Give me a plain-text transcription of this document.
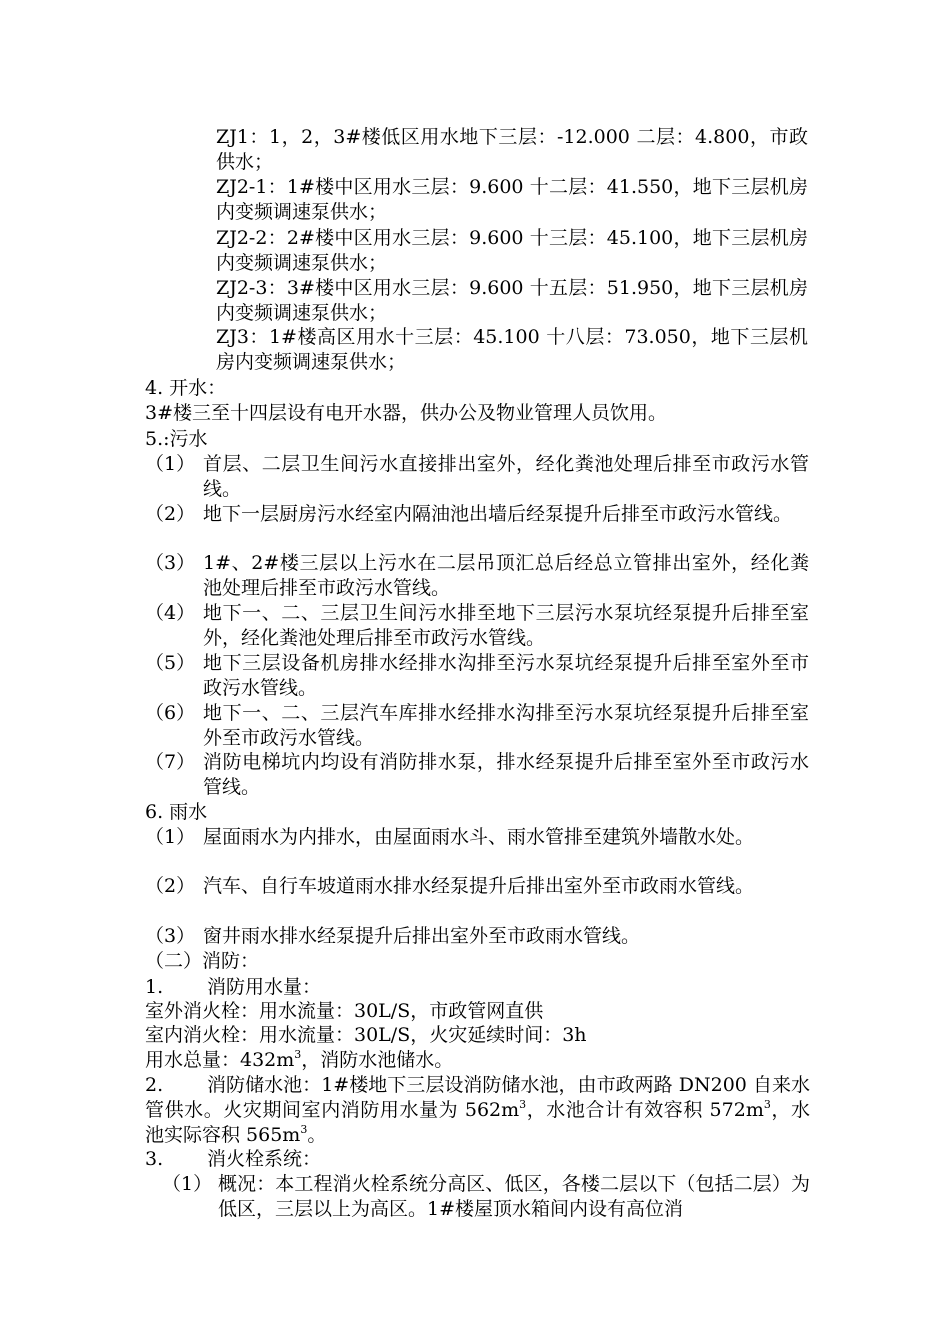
ZJ1：1，2，3#楼低区用水地下三层：-12.000 二层：4.800，市政供水；
ZJ2-1：1#楼中区用水三层：9.600 十二层：41.550，地下三层机房内变频调速泵供水；
ZJ2-2：2#楼中区用水三层：9.600 十三层：45.100，地下三层机房内变频调速泵供水；
ZJ2-3：3#楼中区用水三层：9.600 十五层：51.950，地下三层机房内变频调速泵供水；
ZJ3：1#楼高区用水十三层：45.100 十八层：73.050，地下三层机房内变频调速泵供水；
4. 开水：
3#楼三至十四层设有电开水器，供办公及物业管理人员饮用。
5.:污水
（1） 首层、二层卫生间污水直接排出室外，经化粪池处理后排至市政污水管线。
（2） 地下一层厨房污水经室内隔油池出墙后经泵提升后排至市政污水管线。
（3） 1#、2#楼三层以上污水在二层吊顶汇总后经总立管排出室外，经化粪池处理后排至市政污水管线。
（4） 地下一、二、三层卫生间污水排至地下三层污水泵坑经泵提升后排至室外，经化粪池处理后排至市政污水管线。
（5） 地下三层设备机房排水经排水沟排至污水泵坑经泵提升后排至室外至市政污水管线。
（6） 地下一、二、三层汽车库排水经排水沟排至污水泵坑经泵提升后排至室外至市政污水管线。
（7） 消防电梯坑内均设有消防排水泵，排水经泵提升后排至室外至市政污水管线。
6. 雨水
（1） 屋面雨水为内排水，由屋面雨水斗、雨水管排至建筑外墙散水处。
（2） 汽车、自行车坡道雨水排水经泵提升后排出室外至市政雨水管线。
（3） 窗井雨水排水经泵提升后排出室外至市政雨水管线。
（二）消防：
1. 消防用水量：
室外消火栓：用水流量：30L/S，市政管网直供
室内消火栓：用水流量：30L/S，火灾延续时间：3h
用水总量：$432m^3$，消防水池储水。
2. 消防储水池：1#楼地下三层设消防储水池，由市政两路 DN200 自来水管供水。火灾期间室内消防用水量为 $562m^3$，水池合计有效容积 $572m^3$，水池实际容积 $565m^3$。
3. 消火栓系统：
（1） 概况：本工程消火栓系统分高区、低区，各楼二层以下（包括二层）为低区，三层以上为高区。1#楼屋顶水箱间内设有高位消
